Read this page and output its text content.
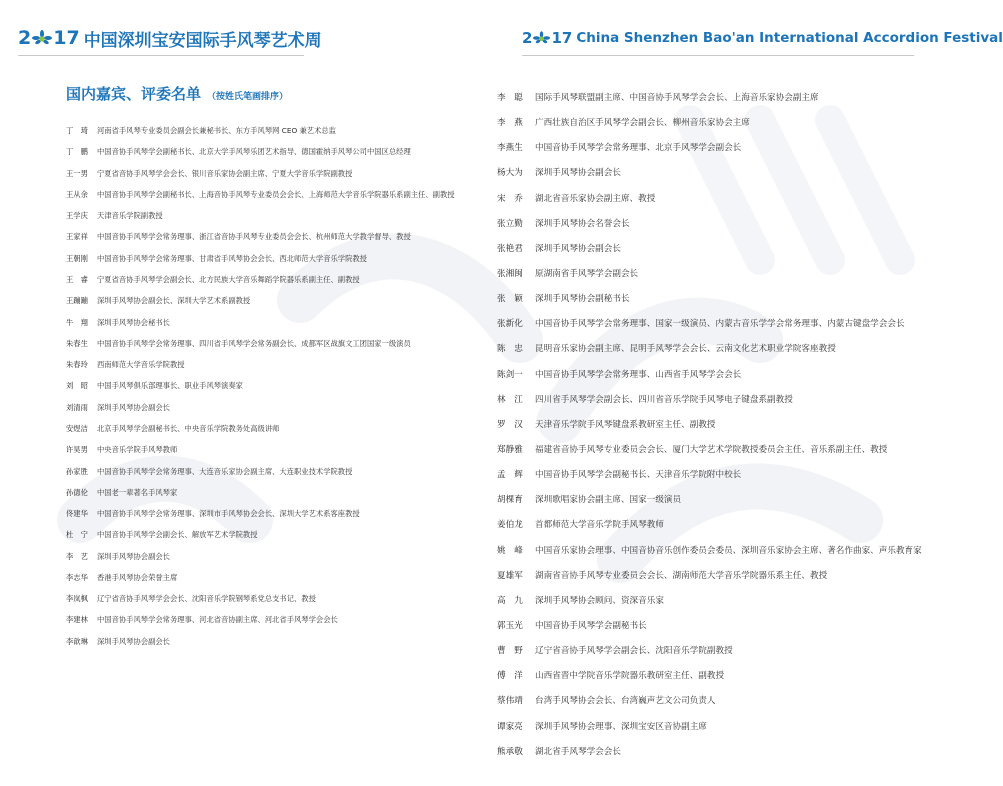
2 17 中国深圳宝安国际手风琴艺术周
国内嘉宾、评委名单 （按姓氏笔画排序）
丁　琦	河南省手风琴专业委员会副会长兼秘书长、东方手风琴网 CEO 兼艺术总监
丁　鹏	中国音协手风琴学会副秘书长、北京大学手风琴乐团艺术指导、德国霍纳手风琴公司中国区总经理
王一男	宁夏省音协手风琴学会会长、银川音乐家协会副主席、宁夏大学音乐学院副教授
王从余	中国音协手风琴学会副秘书长、上海音协手风琴专业委员会会长、上海师范大学音乐学院器乐系副主任、副教授
王学庆	天津音乐学院副教授
王家祥	中国音协手风琴学会常务理事、浙江省音协手风琴专业委员会会长、杭州师范大学教学督导、教授
王朝刚	中国音协手风琴学会常务理事、甘肃省手风琴协会会长、西北师范大学音乐学院教授
王　睿	宁夏省音协手风琴学会副会长、北方民族大学音乐舞蹈学院器乐系副主任、副教授
王蹦蹦	深圳手风琴协会副会长、深圳大学艺术系副教授
牛　翔	深圳手风琴协会秘书长
朱春生	中国音协手风琴学会常务理事、四川省手风琴学会常务副会长、成都军区战旗文工团国家一级演员
朱春玲	西南师范大学音乐学院教授
刘　昭	中国手风琴俱乐部理事长、职业手风琴演奏家
刘清雨	深圳手风琴协会副会长
安煜洁	北京手风琴学会副秘书长、中央音乐学院教务处高级讲师
许昊男	中央音乐学院手风琴教师
孙家胜	中国音协手风琴学会常务理事、大连音乐家协会副主席、大连职业技术学院教授
孙德伦	中国老一辈著名手风琴家
佟建华	中国音协手风琴学会常务理事、深圳市手风琴协会会长、深圳大学艺术系客座教授
杜　宁	中国音协手风琴学会副会长、解放军艺术学院教授
李　艺	深圳手风琴协会副会长
李志华	香港手风琴协会荣誉主席
李岚枫	辽宁省音协手风琴学会会长、沈阳音乐学院钢琴系党总支书记、教授
李建林	中国音协手风琴学会常务理事、河北省音协副主席、河北省手风琴学会会长
李歆琳	深圳手风琴协会副会长
2 17 China Shenzhen Bao'an International Accordion Festival
李　聪	国际手风琴联盟副主席、中国音协手风琴学会会长、上海音乐家协会副主席
李　燕	广西壮族自治区手风琴学会副会长、柳州音乐家协会主席
李燕生	中国音协手风琴学会常务理事、北京手风琴学会副会长
杨大为	深圳手风琴协会副会长
宋　乔	湖北省音乐家协会副主席、教授
张立勤	深圳手风琴协会名誉会长
张艳君	深圳手风琴协会副会长
张湘闽	原湖南省手风琴学会副会长
张　颖	深圳手风琴协会副秘书长
张新化	中国音协手风琴学会常务理事、国家一级演员、内蒙古音乐学学会常务理事、内蒙古键盘学会会长
陈　忠	昆明音乐家协会副主席、昆明手风琴学会会长、云南文化艺术职业学院客座教授
陈剑一	中国音协手风琴学会常务理事、山西省手风琴学会会长
林　江	四川省手风琴学会副会长、四川省音乐学院手风琴电子键盘系副教授
罗　汉	天津音乐学院手风琴键盘系教研室主任、副教授
郑静雅	福建省音协手风琴专业委员会会长、厦门大学艺术学院教授委员会主任、音乐系副主任、教授
孟　辉	中国音协手风琴学会副秘书长、天津音乐学院附中校长
胡棵育	深圳歌唱家协会副主席、国家一级演员
姜伯龙	首都师范大学音乐学院手风琴教师
姚　峰	中国音乐家协会理事、中国音协音乐创作委员会委员、深圳音乐家协会主席、著名作曲家、声乐教育家
夏雄军	湖南省音协手风琴专业委员会会长、湖南师范大学音乐学院器乐系主任、教授
高　九	深圳手风琴协会顾问、资深音乐家
郭玉光	中国音协手风琴学会副秘书长
曹　野	辽宁省音协手风琴学会副会长、沈阳音乐学院副教授
傅　洋	山西省晋中学院音乐学院器乐教研室主任、副教授
蔡伟靖	台湾手风琴协会会长、台湾巍声艺文公司负责人
谭家亮	深圳手风琴协会理事、深圳宝安区音协副主席
熊承敬	湖北省手风琴学会会长
